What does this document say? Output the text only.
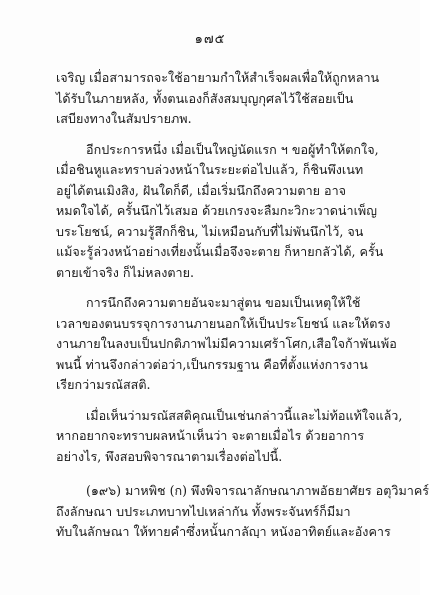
๑๗๕

เจริญ เมื่อสามารถจะใช้อายามกำให้สำเร็จผลเพื่อให้ถูกหลาน
ได้รับในภายหลัง, ทั้งตนเองก็สังสมบุญกุศลไว้ใช้สอยเป็น
เสบียงทางในสัมปรายภพ.

อีกประการหนึ่ง เมื่อเป็นใหญ่นัดแรก ฯ ขอผู้ทำให้ตกใจ,
เมื่อชินหูและทราบล่วงหน้าในระยะต่อไปแล้ว, ก็ชินพึงเนท
อยู่ได้ตนเมิงสิง, ฝันใดก็ดี, เมื่อเริ่มนึกถึงความตาย อาจ
หมดใจได้, ครั้นนึกไว้เสมอ ด้วยเกรงจะลืมกะวิกะวาดน่าเพ็ญ
บระโยชน์, ความรู้สึกก็ชิน, ไม่เหมือนกับที่ไม่พันนึกไว้, จน
แม้จะรู้ล่วงหน้าอย่างเที่ยงนั้นเมื่อจึงจะตาย ก็หายกลัวได้, ครั้น
ตายเข้าจริง ก็ไม่หลงตาย.

การนึกถึงความตายอันจะมาสู่ตน ขอมเป็นเหตุให้ใช้
เวลาของตนบรรจุการงานภายนอกให้เป็นประโยชน์ และให้ตรง
งานภายในลงบเป็นปกติภาพไม่มีความเศร้าโศก,เสือใจก้าพันเพ้อ
พนนี้ ท่านจึงกล่าวต่อว่า,เป็นกรรมฐาน คือที่ตั้งแห่งการงาน
เรียกว่ามรณัสสติ.

เมื่อเห็นว่ามรณัสสติคุณเป็นเช่นกล่าวนี้และไม่ท้อแท้ใจแล้ว,
หากอยากจะทราบผลหน้าเห็นว่า จะตายเมื่อไร ด้วยอาการ
อย่างไร, พึงสอบพิจารณาตามเรื่องต่อไปนี้.

(๑๙๖) มาหพิช (ก) พึงพิจารณาลักษณาภาพอัธยาศัยร อตุวิมาคร์
ถึงลักษณา บประเภทบาทไปเหล่ากัน ทั้งพระจันทร์ก็มีมา
ทับในลักษณา ให้ทายคำซึ่งหนั้นกาลัญฺา หนังอาทิตย์และอังคาร
